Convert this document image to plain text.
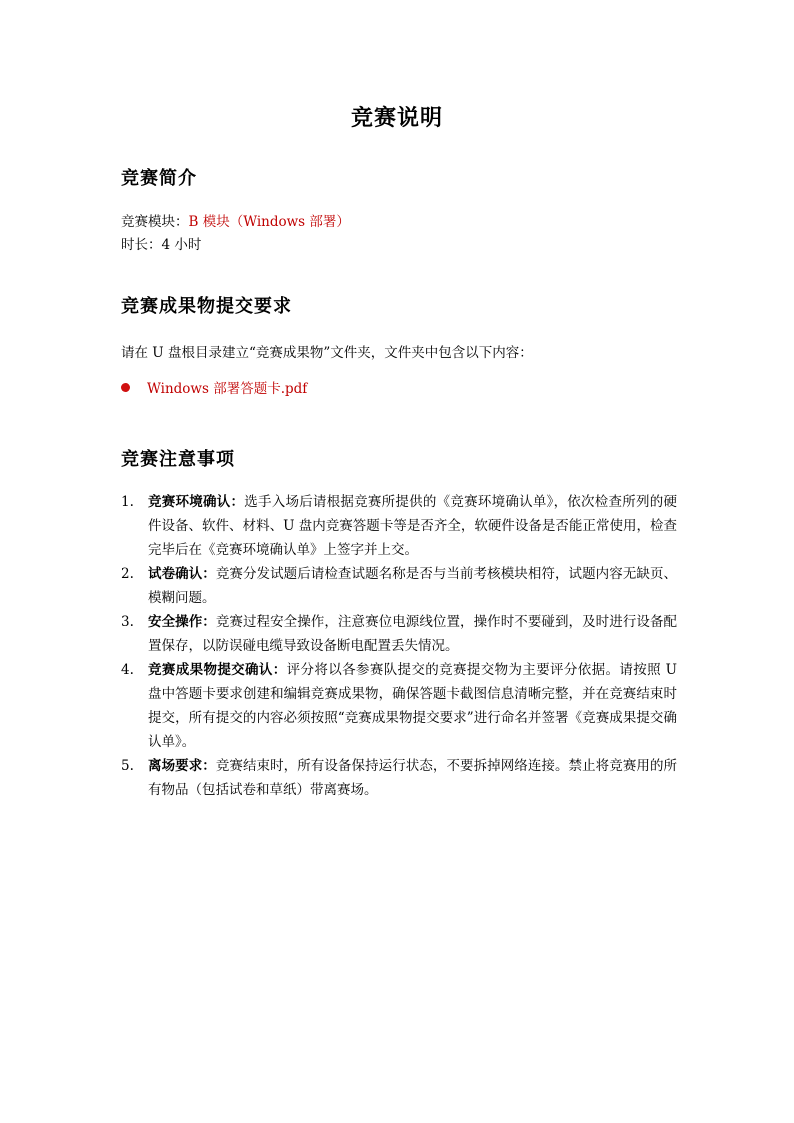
竞赛说明
竞赛简介
竞赛模块：B 模块（Windows 部署）
时长：4 小时
竞赛成果物提交要求
请在 U 盘根目录建立“竞赛成果物”文件夹，文件夹中包含以下内容：
Windows 部署答题卡.pdf
竞赛注意事项
1. 竞赛环境确认：选手入场后请根据竞赛所提供的《竞赛环境确认单》，依次检查所列的硬件设备、软件、材料、U 盘内竞赛答题卡等是否齐全，软硬件设备是否能正常使用，检查完毕后在《竞赛环境确认单》上签字并上交。
2. 试卷确认：竞赛分发试题后请检查试题名称是否与当前考核模块相符，试题内容无缺页、模糊问题。
3. 安全操作：竞赛过程安全操作，注意赛位电源线位置，操作时不要碰到，及时进行设备配置保存，以防误碰电缆导致设备断电配置丢失情况。
4. 竞赛成果物提交确认：评分将以各参赛队提交的竞赛提交物为主要评分依据。请按照 U 盘中答题卡要求创建和编辑竞赛成果物，确保答题卡截图信息清晰完整，并在竞赛结束时提交，所有提交的内容必须按照“竞赛成果物提交要求”进行命名并签署《竞赛成果提交确认单》。
5. 离场要求：竞赛结束时，所有设备保持运行状态，不要拆掉网络连接。禁止将竞赛用的所有物品（包括试卷和草纸）带离赛场。
